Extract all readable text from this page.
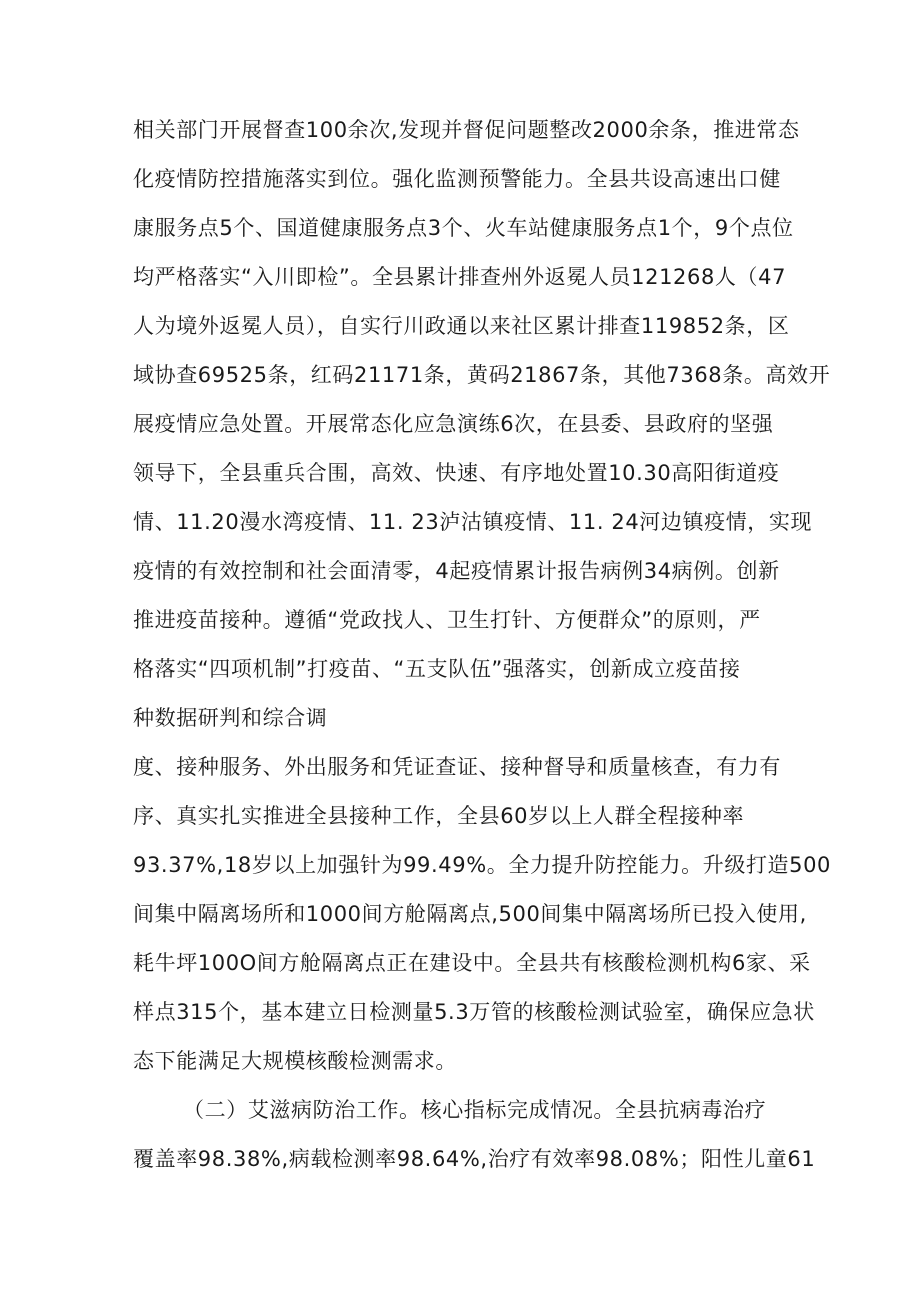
相关部门开展督查100余次,发现并督促问题整改2000余条，推进常态
化疫情防控措施落实到位。强化监测预警能力。全县共设高速出口健
康服务点5个、国道健康服务点3个、火车站健康服务点1个，9个点位
均严格落实“入川即检”。全县累计排查州外返冕人员121268人（47
人为境外返冕人员），自实行川政通以来社区累计排查119852条，区
域协查69525条，红码21171条，黄码21867条，其他7368条。高效开
展疫情应急处置。开展常态化应急演练6次，在县委、县政府的坚强
领导下，全县重兵合围，高效、快速、有序地处置10.30高阳街道疫
情、11.20漫水湾疫情、11. 23泸沽镇疫情、11. 24河边镇疫情，实现
疫情的有效控制和社会面清零，4起疫情累计报告病例34病例。创新
推进疫苗接种。遵循“党政找人、卫生打针、方便群众”的原则，严
格落实“四项机制”打疫苗、“五支队伍”强落实，创新成立疫苗接
种数据研判和综合调
度、接种服务、外出服务和凭证查证、接种督导和质量核查，有力有
序、真实扎实推进全县接种工作，全县60岁以上人群全程接种率
93.37%,18岁以上加强针为99.49%。全力提升防控能力。升级打造500
间集中隔离场所和1000间方舱隔离点,500间集中隔离场所已投入使用,
耗牛坪100O间方舱隔离点正在建设中。全县共有核酸检测机构6家、采
样点315个，基本建立日检测量5.3万管的核酸检测试验室，确保应急状
态下能满足大规模核酸检测需求。
（二）艾滋病防治工作。核心指标完成情况。全县抗病毒治疗
覆盖率98.38%,病载检测率98.64%,治疗有效率98.08%；阳性儿童61
